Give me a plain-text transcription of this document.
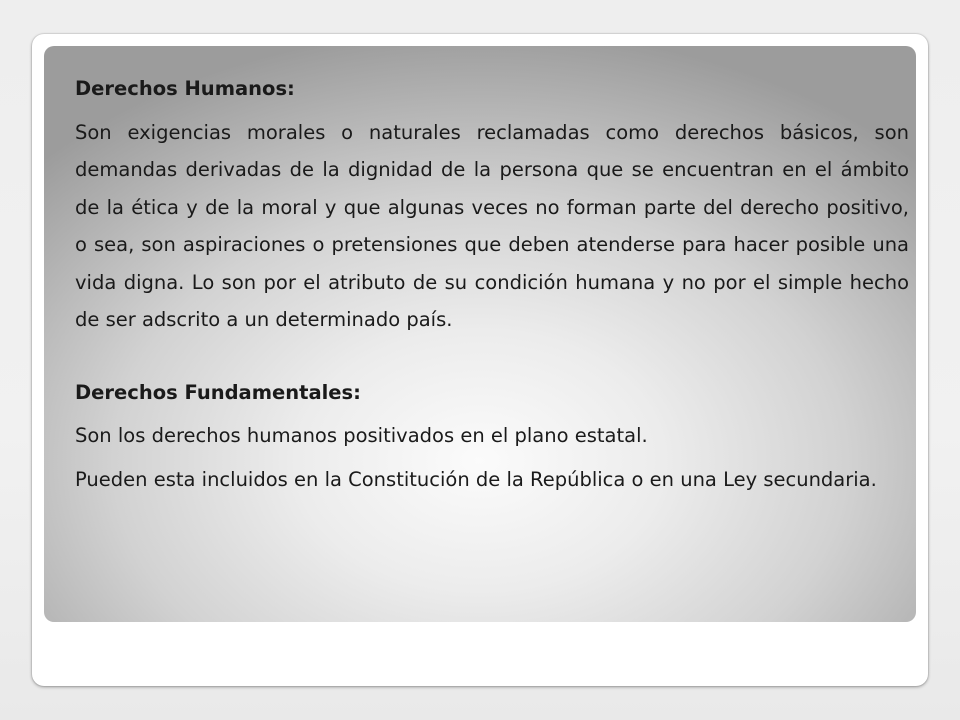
Derechos Humanos:

Son exigencias morales o naturales reclamadas como derechos básicos, son demandas derivadas de la dignidad de la persona que se encuentran en el ámbito de la ética y de la moral y que algunas veces no forman parte del derecho positivo, o sea, son aspiraciones o pretensiones que deben atenderse para hacer posible una vida digna. Lo son por el atributo de su condición humana y no por el simple hecho de ser adscrito a un determinado país.

Derechos Fundamentales:

Son los derechos humanos positivados en el plano estatal.

Pueden esta incluidos en la Constitución de la República o en una Ley secundaria.
